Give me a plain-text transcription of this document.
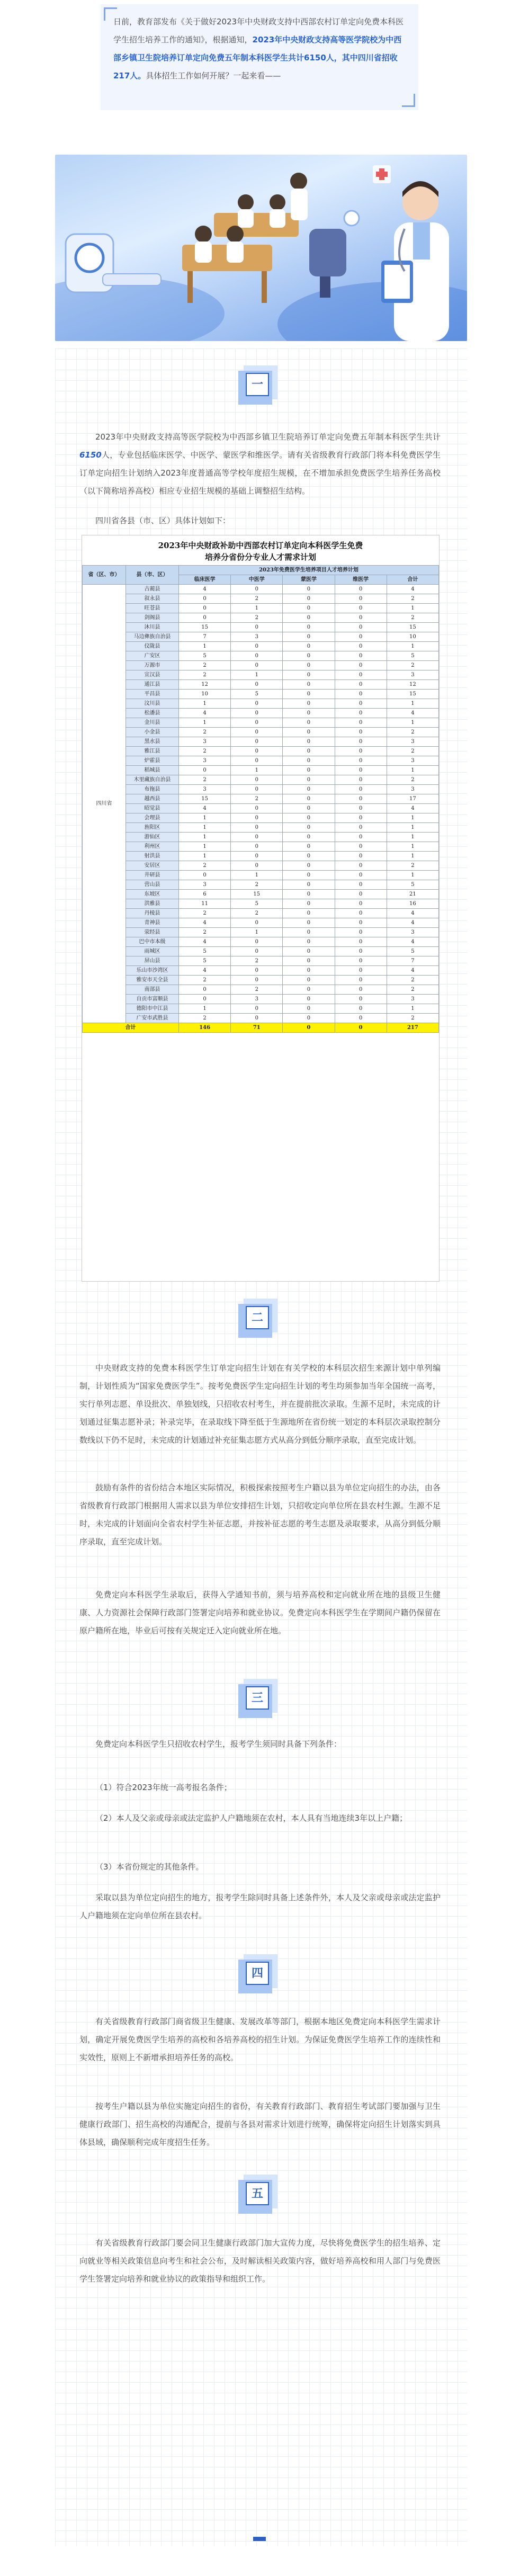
日前，教育部发布《关于做好2023年中央财政支持中西部农村订单定向免费本科医学生招生培养工作的通知》，根据通知，2023年中央财政支持高等医学院校为中西部乡镇卫生院培养订单定向免费五年制本科医学生共计6150人，其中四川省招收217人。具体招生工作如何开展？一起来看——
一

2023年中央财政支持高等医学院校为中西部乡镇卫生院培养订单定向免费五年制本科医学生共计6150人，专业包括临床医学、中医学、蒙医学和维医学。请有关省级教育行政部门将本科免费医学生订单定向招生计划纳入2023年度普通高等学校年度招生规模，在不增加承担免费医学生培养任务高校（以下简称培养高校）相应专业招生规模的基础上调整招生结构。

四川省各县（市、区）具体计划如下：

2023年中央财政补助中西部农村订单定向本科医学生免费
培养分省份分专业人才需求计划
省（区、市）	县（市、区）	2023年免费医学生培养项目人才培养计划				
		临床医学	中医学	蒙医学	维医学	合计
四川省	古蔺县	4	0	0	0	4
	叙永县	0	2	0	0	2
	旺苍县	0	1	0	0	1
	剑阁县	0	2	0	0	2
	沐川县	15	0	0	0	15
	马边彝族自治县	7	3	0	0	10
	仪陇县	1	0	0	0	1
	广安区	5	0	0	0	5
	万源市	2	0	0	0	2
	宣汉县	2	1	0	0	3
	通江县	12	0	0	0	12
	平昌县	10	5	0	0	15
	汶川县	1	0	0	0	1
	松潘县	4	0	0	0	4
	金川县	1	0	0	0	1
	小金县	2	0	0	0	2
	黑水县	3	0	0	0	3
	雅江县	2	0	0	0	2
	炉霍县	3	0	0	0	3
	稻城县	0	1	0	0	1
	木里藏族自治县	2	0	0	0	2
	布拖县	3	0	0	0	3
	越西县	15	2	0	0	17
	昭觉县	4	0	0	0	4
	会理县	1	0	0	0	1
	旌阳区	1	0	0	0	1
	游仙区	1	0	0	0	1
	利州区	1	0	0	0	1
	射洪县	1	0	0	0	1
	安居区	2	0	0	0	2
	井研县	0	1	0	0	1
	营山县	3	2	0	0	5
	东坡区	6	15	0	0	21
	洪雅县	11	5	0	0	16
	丹棱县	2	2	0	0	4
	青神县	4	0	0	0	4
	荥经县	2	1	0	0	3
	巴中市本级	4	0	0	0	4
	雨城区	5	0	0	0	5
	屏山县	5	2	0	0	7
	乐山市沙湾区	4	0	0	0	4
	雅安市天全县	2	0	0	0	2
	南部县	0	2	0	0	2
	自贡市富顺县	0	3	0	0	3
	德阳市中江县	1	0	0	0	1
	广安市武胜县	2	0	0	0	2
合计		146	71	0	0	217
二

中央财政支持的免费本科医学生订单定向招生计划在有关学校的本科层次招生来源计划中单列编制，计划性质为“国家免费医学生”。按考免费医学生定向招生计划的考生均须参加当年全国统一高考，实行单列志愿、单设批次、单独划线，只招收农村考生，并在提前批次录取。生源不足时，未完成的计划通过征集志愿补录；补录完毕，在录取线下降至低于生源地所在省份统一划定的本科层次录取控制分数线以下仍不足时，未完成的计划通过补充征集志愿方式从高分到低分顺序录取，直至完成计划。

鼓励有条件的省份结合本地区实际情况，积极探索按照考生户籍以县为单位定向招生的办法，由各省级教育行政部门根据用人需求以县为单位安排招生计划，只招收定向单位所在县农村生源。生源不足时，未完成的计划面向全省农村学生补征志愿，并按补征志愿的考生志愿及录取要求，从高分到低分顺序录取，直至完成计划。

免费定向本科医学生录取后，获得入学通知书前，须与培养高校和定向就业所在地的县级卫生健康、人力资源社会保障行政部门签署定向培养和就业协议。免费定向本科医学生在学期间户籍仍保留在原户籍所在地，毕业后可按有关规定迁入定向就业所在地。

三

免费定向本科医学生只招收农村学生，报考学生须同时具备下列条件：

（1）符合2023年统一高考报名条件；

（2）本人及父亲或母亲或法定监护人户籍地须在农村，本人具有当地连续3年以上户籍；

（3）本省份规定的其他条件。

采取以县为单位定向招生的地方，报考学生除同时具备上述条件外，本人及父亲或母亲或法定监护人户籍地须在定向单位所在县农村。

四

有关省级教育行政部门商省级卫生健康、发展改革等部门，根据本地区免费定向本科医学生需求计划，确定开展免费医学生培养的高校和各培养高校的招生计划。为保证免费医学生培养工作的连续性和实效性，原则上不新增承担培养任务的高校。

按考生户籍以县为单位实施定向招生的省份，有关教育行政部门、教育招生考试部门要加强与卫生健康行政部门、招生高校的沟通配合，提前与各县对需求计划进行统筹，确保将定向招生计划落实到具体县域，确保顺利完成年度招生任务。

五

有关省级教育行政部门要会同卫生健康行政部门加大宣传力度，尽快将免费医学生的招生培养、定向就业等相关政策信息向考生和社会公布，及时解读相关政策内容，做好培养高校和用人部门与免费医学生签署定向培养和就业协议的政策指导和组织工作。
